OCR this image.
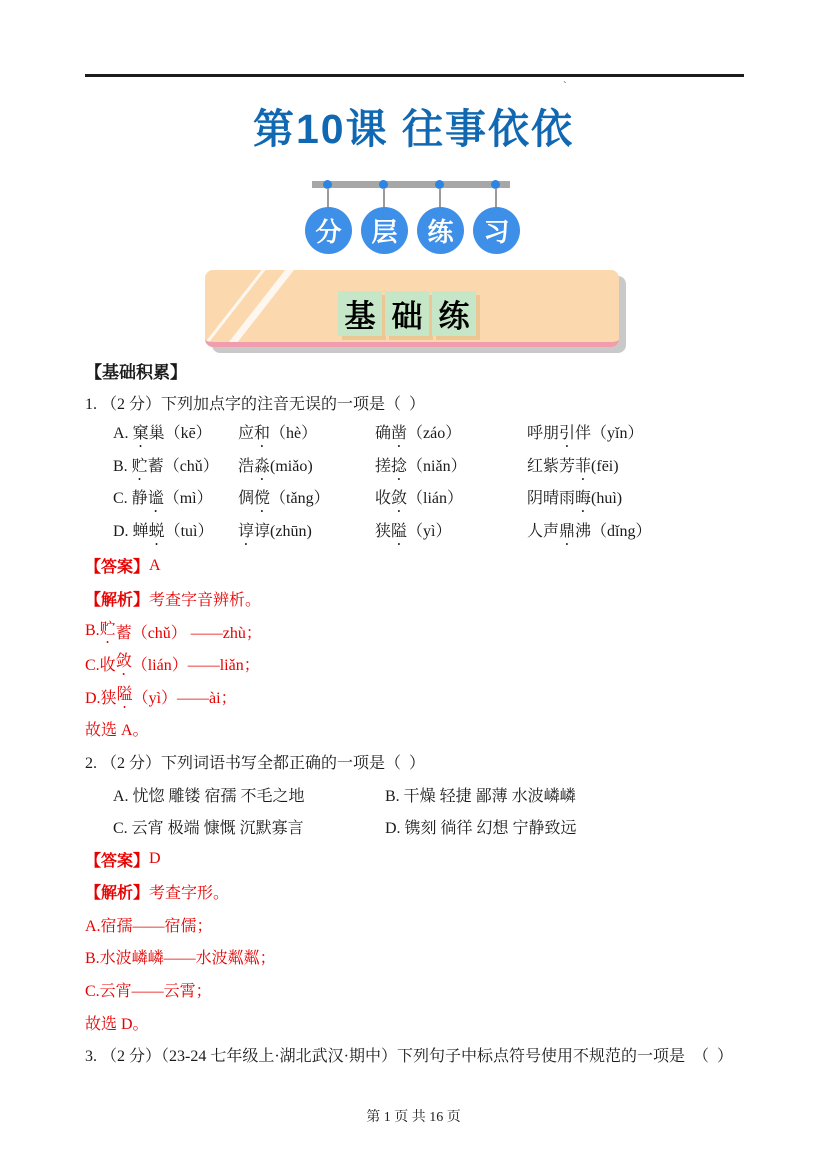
`
第10课 往事依依
分	层	练	习
基 础 练

【基础积累】

1. （2 分）下列加点字的注音无误的一项是（  ）

A. 窠巢（kē）	应和（hè）	确凿（záo）	呼朋引伴（yǐn）

B. 贮蓄（chǔ）	浩淼(miǎo)	搓捻（niǎn）	红紫芳菲(fēi)

C. 静谧（mì）	倜傥（tǎng）	收敛（lián）	阴晴雨晦(huì)

D. 蝉蜕（tuì）	谆谆(zhūn)	狭隘（yì）	人声鼎沸（dǐng）

【答案】 A

【解析】 考查字音辨析。

B. 贮 蓄（chǔ） ——zhù；

C.收 敛 （lián）——liǎn；

D.狭 隘 （yì）——ài；

故选 A。

2. （2 分）下列词语书写全都正确的一项是（  ）

A. 忧惚 雕镂 宿孺 不毛之地	B. 干燥 轻捷 鄙薄 水波嶙嶙

C. 云宵 极端 慷慨 沉默寡言	D. 镌刻 徜徉 幻想 宁静致远

【答案】 D

【解析】 考查字形。

A.宿孺——宿儒；

B.水波嶙嶙——水波粼粼；

C.云宵——云霄；

故选 D。

3. （2 分）（23-24 七年级上·湖北武汉·期中）下列句子中标点符号使用不规范的一项是  （  ）

第 1 页 共 16 页
